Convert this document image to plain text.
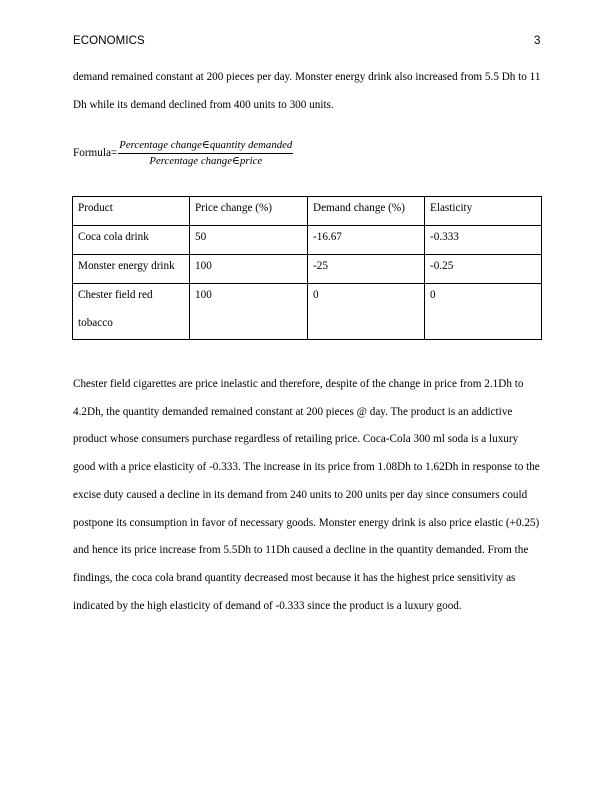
ECONOMICS	3

demand remained constant at 200 pieces per day. Monster energy drink also increased from 5.5 Dh to 11 Dh while its demand declined from 400 units to 300 units.

Formula= $\frac{\text{Percentage change∈quantity demanded}}{\text{Percentage change∈price}}$
Product	Price change (%)	Demand change (%)	Elasticity

Coca cola drink	50	-16.67	-0.333

Monster energy drink	100	-25	-0.25

Chester field red tobacco	100	0	0

Chester field cigarettes are price inelastic and therefore, despite of the change in price from 2.1Dh to 4.2Dh, the quantity demanded remained constant at 200 pieces @ day. The product is an addictive product whose consumers purchase regardless of retailing price. Coca-Cola 300 ml soda is a luxury good with a price elasticity of -0.333. The increase in its price from 1.08Dh to 1.62Dh in response to the excise duty caused a decline in its demand from 240 units to 200 units per day since consumers could postpone its consumption in favor of necessary goods. Monster energy drink is also price elastic (+0.25) and hence its price increase from 5.5Dh to 11Dh caused a decline in the quantity demanded. From the findings, the coca cola brand quantity decreased most because it has the highest price sensitivity as indicated by the high elasticity of demand of -0.333 since the product is a luxury good.
